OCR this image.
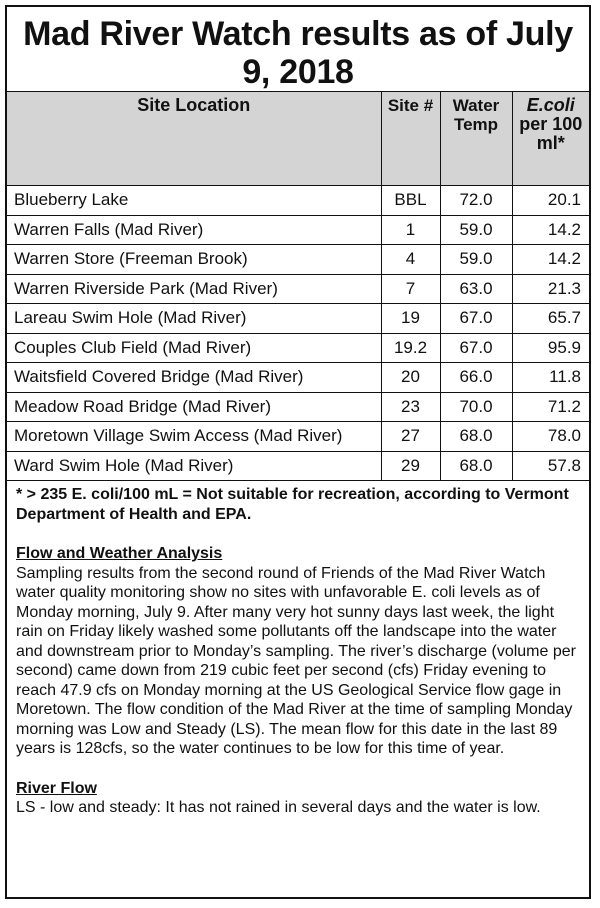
Mad River Watch results as of July 9, 2018
Site Location	Site #	Water Temp	E.coli
per 100 ml*
Blueberry Lake	BBL	72.0	20.1
Warren Falls (Mad River)	1	59.0	14.2
Warren Store (Freeman Brook)	4	59.0	14.2
Warren Riverside Park (Mad River)	7	63.0	21.3
Lareau Swim Hole (Mad River)	19	67.0	65.7
Couples Club Field (Mad River)	19.2	67.0	95.9
Waitsfield Covered Bridge (Mad River)	20	66.0	11.8
Meadow Road Bridge (Mad River)	23	70.0	71.2
Moretown Village Swim Access (Mad River)	27	68.0	78.0
Ward Swim Hole (Mad River)	29	68.0	57.8

* > 235 E. coli/100 mL = Not suitable for recreation, according to Vermont Department of Health and EPA.

Flow and Weather Analysis

Sampling results from the second round of Friends of the Mad River Watch water quality monitoring show no sites with unfavorable E. coli levels as of Monday morning, July 9. After many very hot sunny days last week, the light rain on Friday likely washed some pollutants off the landscape into the water and downstream prior to Monday’s sampling. The river’s discharge (volume per second) came down from 219 cubic feet per second (cfs) Friday evening to reach 47.9 cfs on Monday morning at the US Geological Service flow gage in Moretown. The flow condition of the Mad River at the time of sampling Monday morning was Low and Steady (LS). The mean flow for this date in the last 89 years is 128cfs, so the water continues to be low for this time of year.

River Flow

LS - low and steady: It has not rained in several days and the water is low.
